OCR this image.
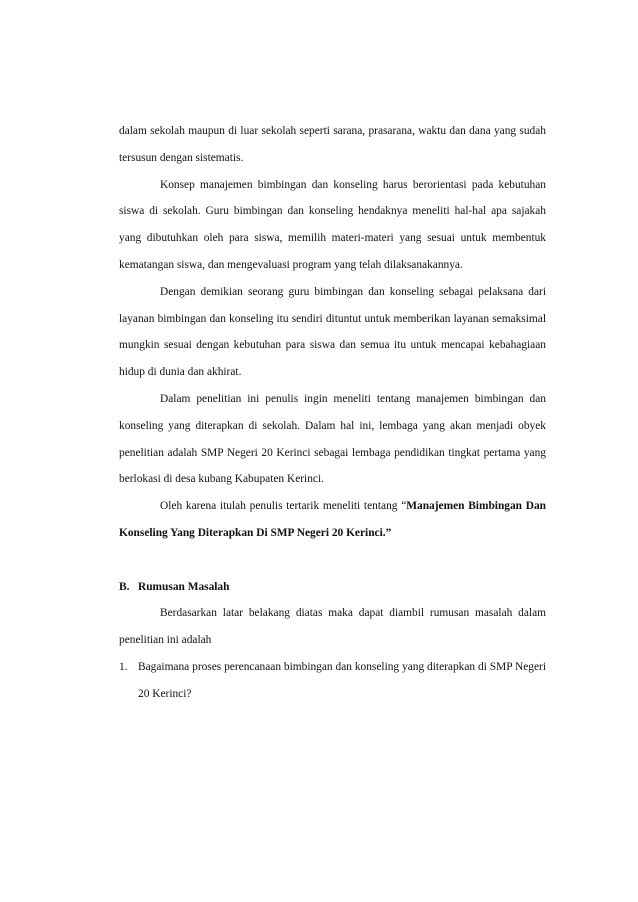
dalam sekolah maupun di luar sekolah seperti sarana, prasarana, waktu dan dana yang sudah tersusun dengan sistematis.

Konsep manajemen bimbingan dan konseling harus berorientasi pada kebutuhan siswa di sekolah. Guru bimbingan dan konseling hendaknya meneliti hal-hal apa sajakah yang dibutuhkan oleh para siswa, memilih materi-materi yang sesuai untuk membentuk kematangan siswa, dan mengevaluasi program yang telah dilaksanakannya.

Dengan demikian seorang guru bimbingan dan konseling sebagai pelaksana dari layanan bimbingan dan konseling itu sendiri dituntut untuk memberikan layanan semaksimal mungkin sesuai dengan kebutuhan para siswa dan semua itu untuk mencapai kebahagiaan hidup di dunia dan akhirat.

Dalam penelitian ini penulis ingin meneliti tentang manajemen bimbingan dan konseling yang diterapkan di sekolah. Dalam hal ini, lembaga yang akan menjadi obyek penelitian adalah SMP Negeri 20 Kerinci sebagai lembaga pendidikan tingkat pertama yang berlokasi di desa kubang Kabupaten Kerinci.

Oleh karena itulah penulis tertarik meneliti tentang “Manajemen Bimbingan Dan Konseling Yang Diterapkan Di SMP Negeri 20 Kerinci.”

B. Rumusan Masalah

Berdasarkan latar belakang diatas maka dapat diambil rumusan masalah dalam penelitian ini adalah

1. Bagaimana proses perencanaan bimbingan dan konseling yang diterapkan di SMP Negeri 20 Kerinci?
